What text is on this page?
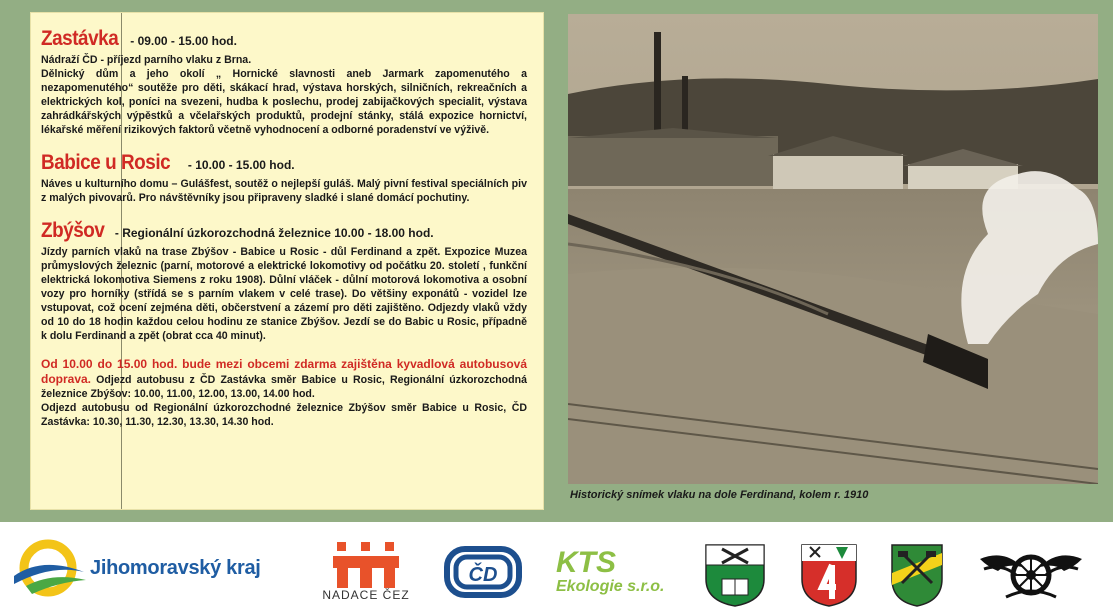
Zastávka - 09.00 - 15.00 hod.

Nádraží ČD - příjezd parního vlaku z Brna.

Dělnický dům a jeho okolí „ Hornické slavnosti aneb Jarmark zapomenutého a nezapomenutého“ soutěže pro děti, skákací hrad, výstava horských, silničních, rekreačních a elektrických kol, poníci na svezeni, hudba k poslechu, prodej zabijačkových specialit, výstava zahrádkářských výpěstků a včelařských produktů, prodejní stánky, stálá expozice hornictví, lékařské měření rizikových faktorů včetně vyhodnocení a odborné poradenství ve výživě.

Babice u Rosic - 10.00 - 15.00 hod.

Náves u kulturního domu – Gulášfest, soutěž o nejlepší guláš. Malý pivní festival speciálních piv z malých pivovarů. Pro návštěvníky jsou připraveny sladké i slané domácí pochutiny.

Zbýšov - Regionální úzkorozchodná železnice 10.00 - 18.00 hod.

Jízdy parních vlaků na trase Zbýšov - Babice u Rosic - důl Ferdinand a zpět. Expozice Muzea průmyslových železnic (parní, motorové a elektrické lokomotivy od počátku 20. století , funkční elektrická lokomotiva Siemens z roku 1908). Důlní vláček - důlní motorová lokomotiva a osobní vozy pro horníky (střídá se s parním vlakem v celé trase). Do většiny exponátů - vozidel lze vstupovat, což ocení zejména děti, občerstvení a zázemí pro děti zajištěno. Odjezdy vlaků vždy od 10 do 18 hodin každou celou hodinu ze stanice Zbýšov. Jezdí se do Babic u Rosic, případně k dolu Ferdinand a zpět (obrat cca 40 minut).

Od 10.00 do 15.00 hod. bude mezi obcemi zdarma zajištěna kyvadlová autobusová doprava. Odjezd autobusu z ČD Zastávka směr Babice u Rosic, Regionální úzkorozchodná železnice Zbýšov: 10.00, 11.00, 12.00, 13.00, 14.00 hod.

Odjezd autobusu od Regionální úzkorozchodné železnice Zbýšov směr Babice u Rosic, ČD Zastávka: 10.30, 11.30, 12.30, 13.30, 14.30 hod.

Historický snímek vlaku na dole Ferdinand, kolem r. 1910
Jihomoravský kraj
NADACE ČEZ
ČD KTS
Ekologie s.r.o.
